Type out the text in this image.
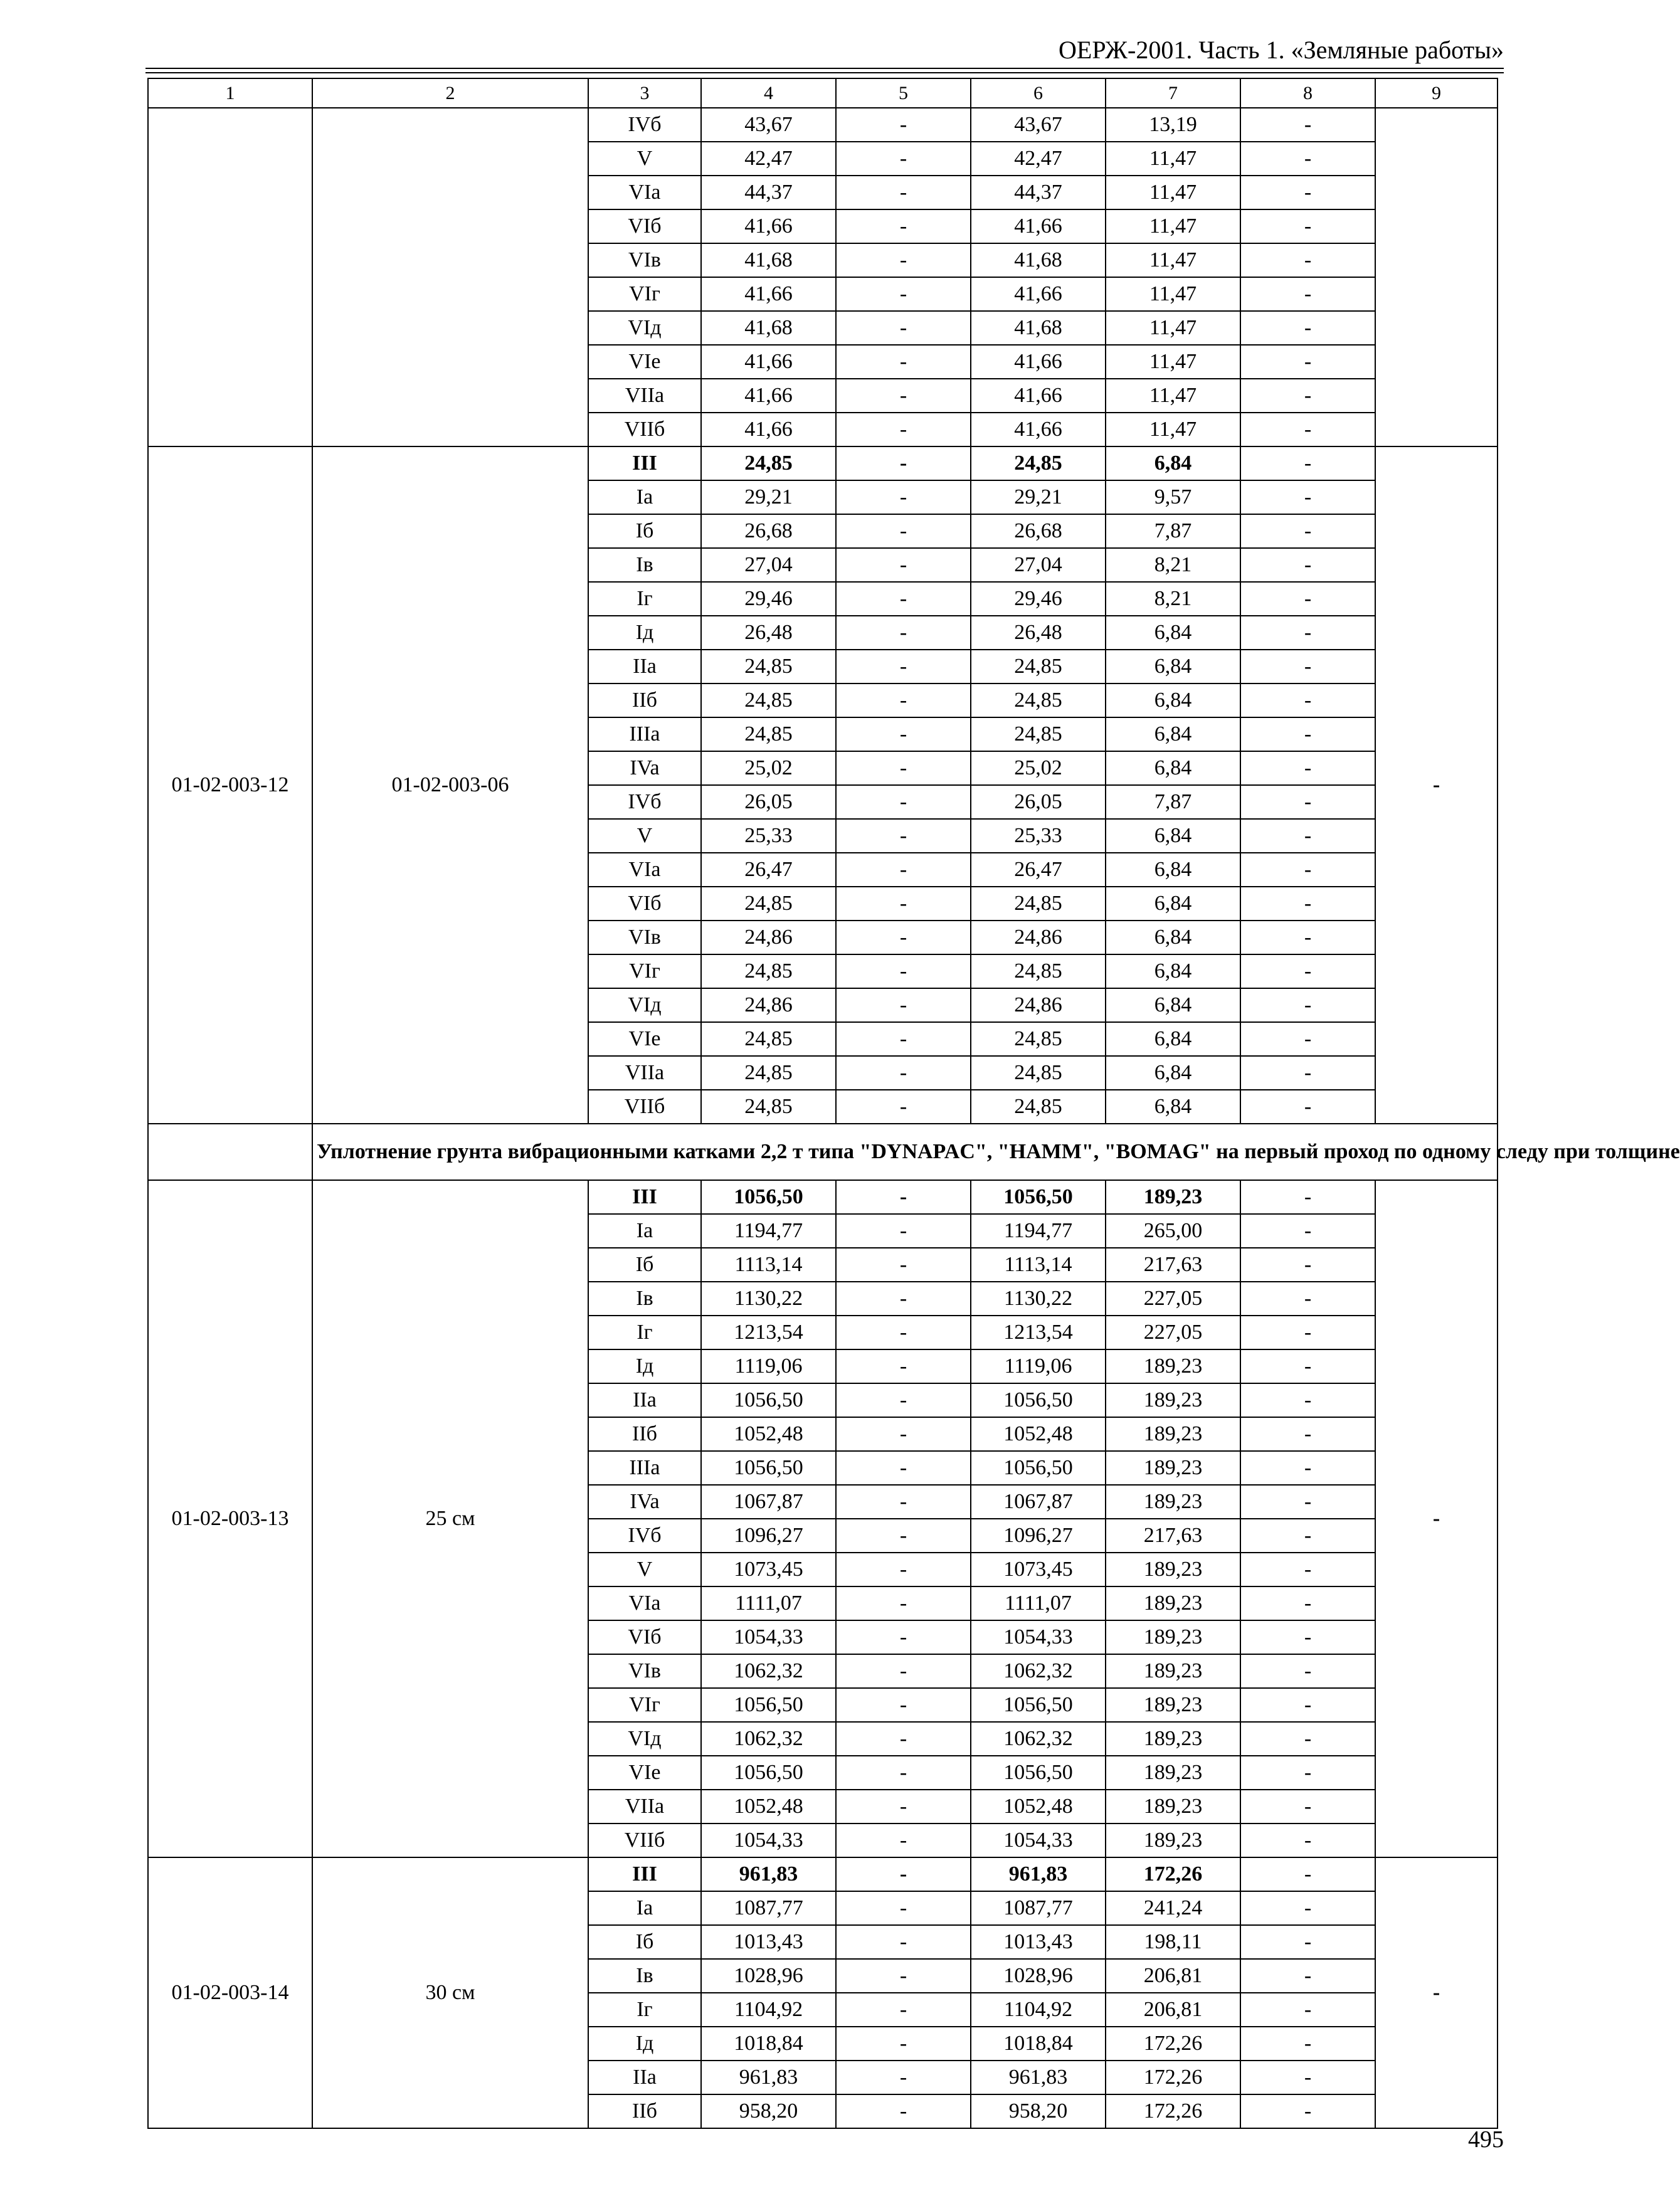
ОЕРЖ-2001. Часть 1. «Земляные работы»
1	2	3	4	5	6	7	8	9
		IVб	43,67	-	43,67	13,19	-	
		V	42,47	-	42,47	11,47	-	
		VIa	44,37	-	44,37	11,47	-	
		VIб	41,66	-	41,66	11,47	-	
		VIв	41,68	-	41,68	11,47	-	
		VIг	41,66	-	41,66	11,47	-	
		VIд	41,68	-	41,68	11,47	-	
		VIe	41,66	-	41,66	11,47	-	
		VIIa	41,66	-	41,66	11,47	-	
		VIIб	41,66	-	41,66	11,47	-	
01-02-003-12	01-02-003-06	III	24,85	-	24,85	6,84	-	-
		Ia	29,21	-	29,21	9,57	-	
		Iб	26,68	-	26,68	7,87	-	
		Iв	27,04	-	27,04	8,21	-	
		Iг	29,46	-	29,46	8,21	-	
		Iд	26,48	-	26,48	6,84	-	
		IIa	24,85	-	24,85	6,84	-	
		IIб	24,85	-	24,85	6,84	-	
		IIIa	24,85	-	24,85	6,84	-	
		IVa	25,02	-	25,02	6,84	-	
		IVб	26,05	-	26,05	7,87	-	
		V	25,33	-	25,33	6,84	-	
		VIa	26,47	-	26,47	6,84	-	
		VIб	24,85	-	24,85	6,84	-	
		VIв	24,86	-	24,86	6,84	-	
		VIг	24,85	-	24,85	6,84	-	
		VIд	24,86	-	24,86	6,84	-	
		VIe	24,85	-	24,85	6,84	-	
		VIIa	24,85	-	24,85	6,84	-	
		VIIб	24,85	-	24,85	6,84	-	
	Уплотнение грунта вибрационными катками 2,2 т типа "DYNAPAC", "HAMM", "BOMAG" на первый проход по одному следу при толщине							
01-02-003-13	25 см	III	1056,50	-	1056,50	189,23	-	-
		Ia	1194,77	-	1194,77	265,00	-	
		Iб	1113,14	-	1113,14	217,63	-	
		Iв	1130,22	-	1130,22	227,05	-	
		Iг	1213,54	-	1213,54	227,05	-	
		Iд	1119,06	-	1119,06	189,23	-	
		IIa	1056,50	-	1056,50	189,23	-	
		IIб	1052,48	-	1052,48	189,23	-	
		IIIa	1056,50	-	1056,50	189,23	-	
		IVa	1067,87	-	1067,87	189,23	-	
		IVб	1096,27	-	1096,27	217,63	-	
		V	1073,45	-	1073,45	189,23	-	
		VIa	1111,07	-	1111,07	189,23	-	
		VIб	1054,33	-	1054,33	189,23	-	
		VIв	1062,32	-	1062,32	189,23	-	
		VIг	1056,50	-	1056,50	189,23	-	
		VIд	1062,32	-	1062,32	189,23	-	
		VIe	1056,50	-	1056,50	189,23	-	
		VIIa	1052,48	-	1052,48	189,23	-	
		VIIб	1054,33	-	1054,33	189,23	-	
01-02-003-14	30 см	III	961,83	-	961,83	172,26	-	-
		Ia	1087,77	-	1087,77	241,24	-	
		Iб	1013,43	-	1013,43	198,11	-	
		Iв	1028,96	-	1028,96	206,81	-	
		Iг	1104,92	-	1104,92	206,81	-	
		Iд	1018,84	-	1018,84	172,26	-	
		IIa	961,83	-	961,83	172,26	-	
		IIб	958,20	-	958,20	172,26	-	
495
